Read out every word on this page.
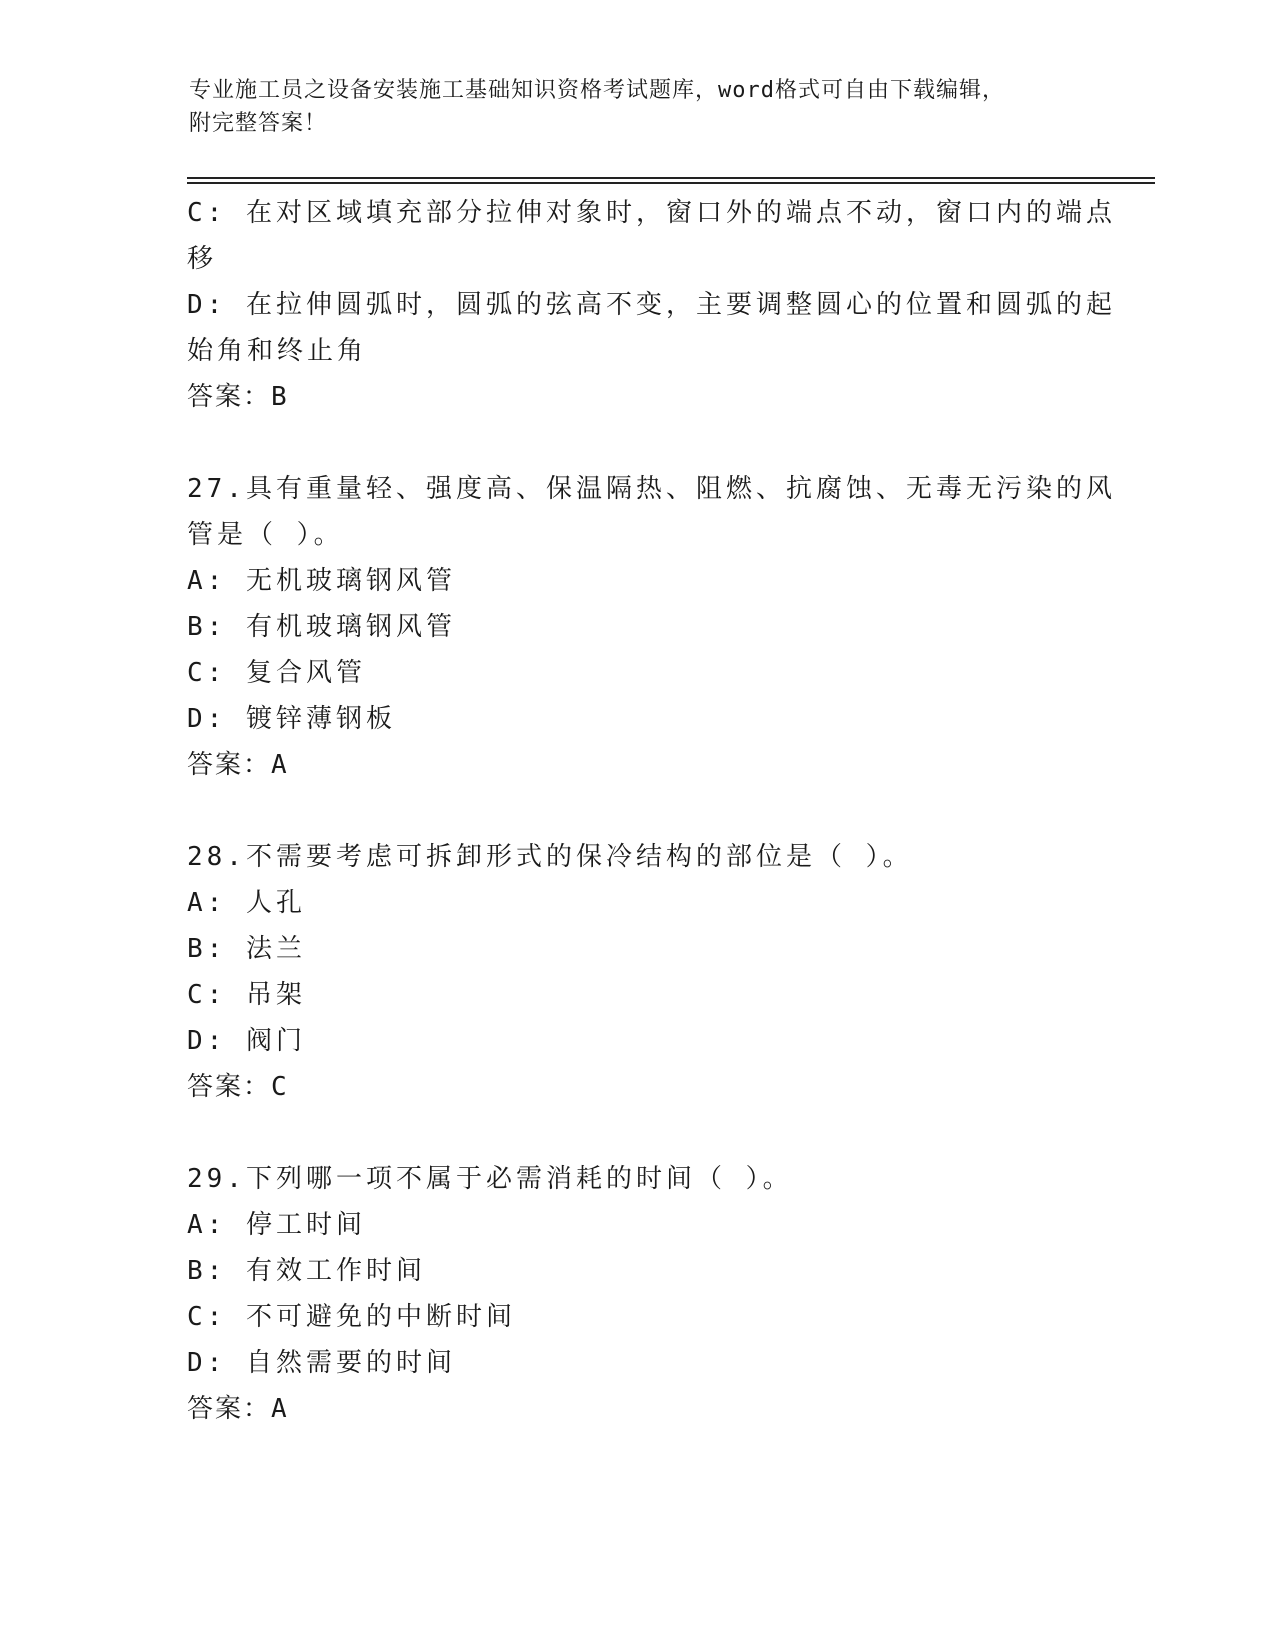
专业施工员之设备安装施工基础知识资格考试题库，word格式可自由下载编辑，
附完整答案！
C: 在对区域填充部分拉伸对象时，窗口外的端点不动，窗口内的端点
移
D: 在拉伸圆弧时，圆弧的弦高不变，主要调整圆心的位置和圆弧的起
始角和终止角
答案：B
27.具有重量轻、强度高、保温隔热、阻燃、抗腐蚀、无毒无污染的风
管是（ ）。
A: 无机玻璃钢风管
B: 有机玻璃钢风管
C: 复合风管
D: 镀锌薄钢板
答案：A
28.不需要考虑可拆卸形式的保冷结构的部位是（ ）。
A: 人孔
B: 法兰
C: 吊架
D: 阀门
答案：C
29.下列哪一项不属于必需消耗的时间（ ）。
A: 停工时间
B: 有效工作时间
C: 不可避免的中断时间
D: 自然需要的时间
答案：A
